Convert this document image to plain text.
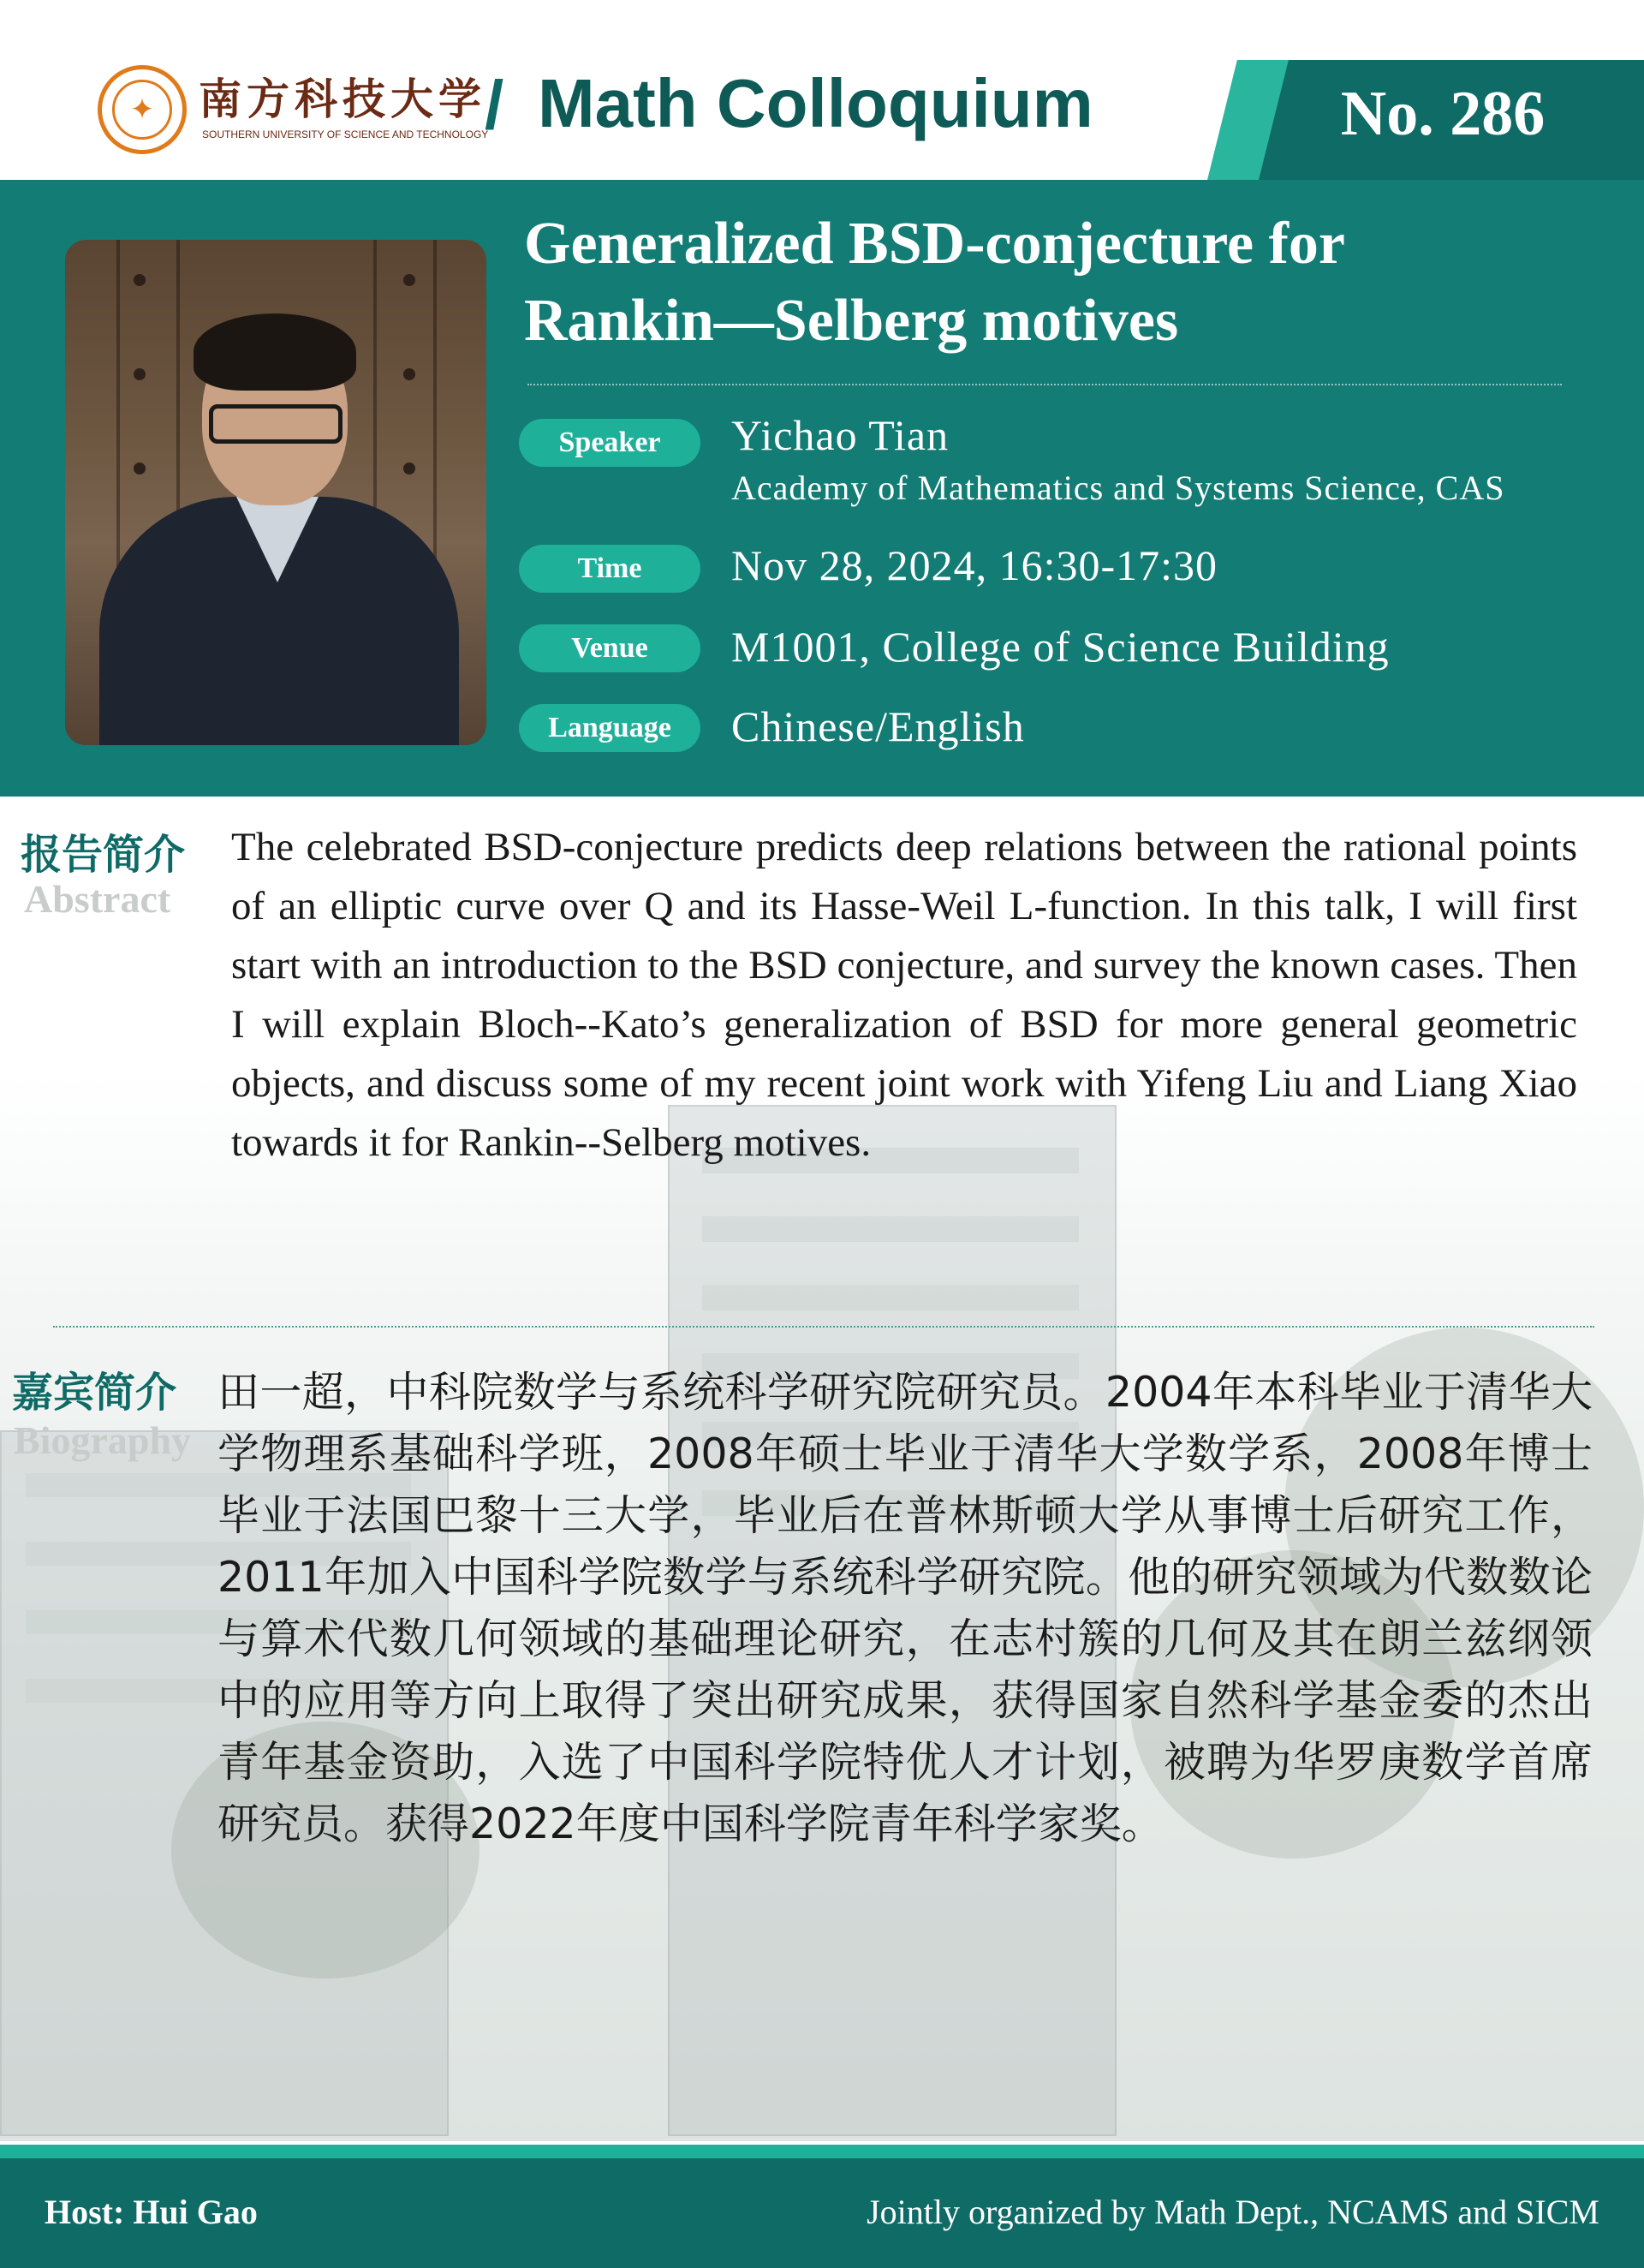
✦	南方科技大学
SOUTHERN UNIVERSITY OF SCIENCE AND TECHNOLOGY
/ Math Colloquium	No. 286
Generalized BSD-conjecture for
Rankin—Selberg motives
Speaker	Yichao Tian
Academy of Mathematics and Systems Science, CAS
Time	Nov 28, 2024, 16:30-17:30
Venue	M1001, College of Science Building
Language	Chinese/English
报告简介
Abstract
The celebrated BSD-conjecture predicts deep relations between the rational points of an elliptic curve over Q and its Hasse-Weil L-function. In this talk, I will first start with an introduction to the BSD conjecture, and survey the known cases. Then I will explain Bloch--Kato’s generalization of BSD for more general geometric objects, and discuss some of my recent joint work with Yifeng Liu and Liang Xiao towards it for Rankin--Selberg motives.
嘉宾简介
Biography
田一超，中科院数学与系统科学研究院研究员。2004年本科毕业于清华大学物理系基础科学班，2008年硕士毕业于清华大学数学系，2008年博士毕业于法国巴黎十三大学，毕业后在普林斯顿大学从事博士后研究工作，2011年加入中国科学院数学与系统科学研究院。他的研究领域为代数数论与算术代数几何领域的基础理论研究，在志村簇的几何及其在朗兰兹纲领中的应用等方向上取得了突出研究成果，获得国家自然科学基金委的杰出青年基金资助，入选了中国科学院特优人才计划，被聘为华罗庚数学首席研究员。获得2022年度中国科学院青年科学家奖。
Host: Hui Gao	Jointly organized by Math Dept., NCAMS and SICM
